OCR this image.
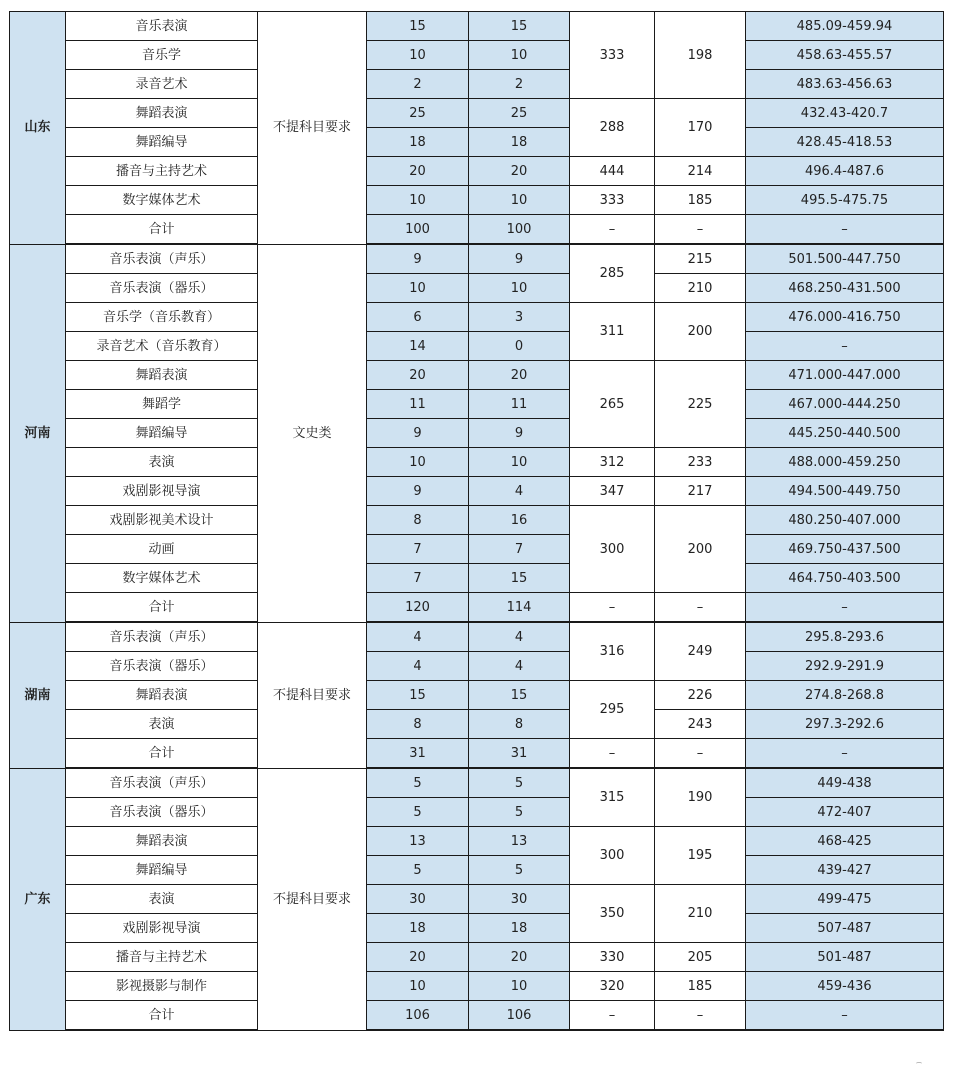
山东	音乐表演	不提科目要求	15	15	333	198	485.09-459.94
	音乐学		10	10			458.63-455.57
	录音艺术		2	2			483.63-456.63
	舞蹈表演		25	25	288	170	432.43-420.7
	舞蹈编导		18	18			428.45-418.53
	播音与主持艺术		20	20	444	214	496.4-487.6
	数字媒体艺术		10	10	333	185	495.5-475.75
	合计		100	100	–	–	–
河南	音乐表演（声乐）	文史类	9	9	285	215	501.500-447.750
	音乐表演（器乐）		10	10		210	468.250-431.500
	音乐学（音乐教育）		6	3	311	200	476.000-416.750
	录音艺术（音乐教育）		14	0			–
	舞蹈表演		20	20	265	225	471.000-447.000
	舞蹈学		11	11			467.000-444.250
	舞蹈编导		9	9			445.250-440.500
	表演		10	10	312	233	488.000-459.250
	戏剧影视导演		9	4	347	217	494.500-449.750
	戏剧影视美术设计		8	16	300	200	480.250-407.000
	动画		7	7			469.750-437.500
	数字媒体艺术		7	15			464.750-403.500
	合计		120	114	–	–	–
湖南	音乐表演（声乐）	不提科目要求	4	4	316	249	295.8-293.6
	音乐表演（器乐）		4	4			292.9-291.9
	舞蹈表演		15	15	295	226	274.8-268.8
	表演		8	8		243	297.3-292.6
	合计		31	31	–	–	–
广东	音乐表演（声乐）	不提科目要求	5	5	315	190	449-438
	音乐表演（器乐）		5	5			472-407
	舞蹈表演		13	13	300	195	468-425
	舞蹈编导		5	5			439-427
	表演		30	30	350	210	499-475
	戏剧影视导演		18	18			507-487
	播音与主持艺术		20	20	330	205	501-487
	影视摄影与制作		10	10	320	185	459-436
	合计		106	106	–	–	–
